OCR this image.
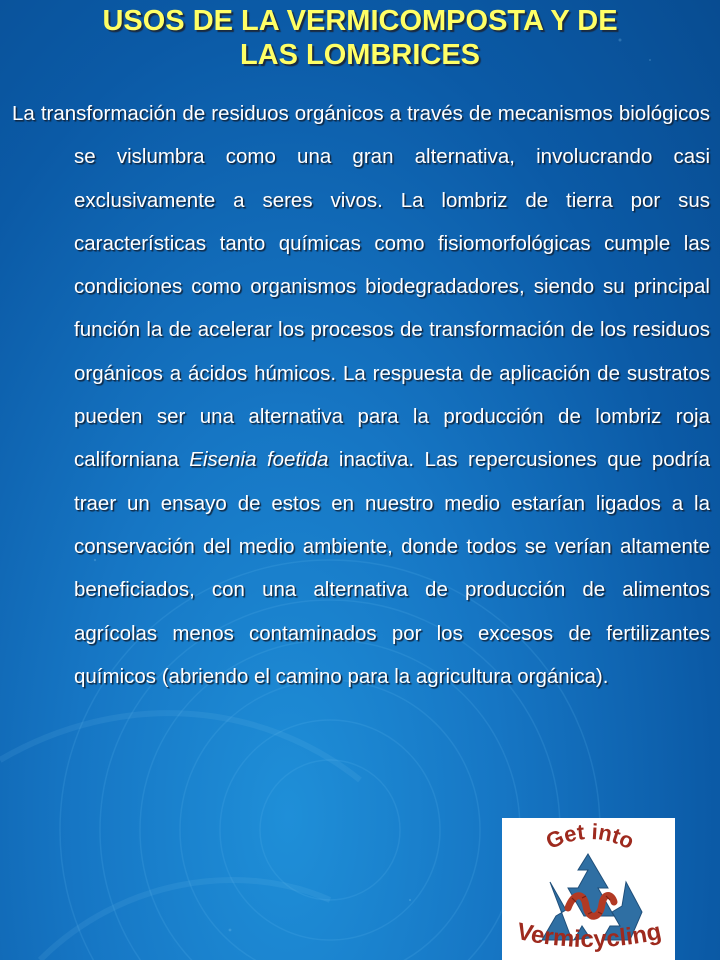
USOS DE LA VERMICOMPOSTA Y DE
LAS LOMBRICES

La transformación de residuos orgánicos a través de mecanismos biológicos se vislumbra como una gran alternativa, involucrando casi exclusivamente a seres vivos. La lombriz de tierra por sus características tanto químicas como fisiomorfológicas cumple las condiciones como organismos biodegradadores, siendo su principal función la de acelerar los procesos de transformación de los residuos orgánicos a ácidos húmicos. La respuesta de aplicación de sustratos pueden ser una alternativa para la producción de lombriz roja californiana Eisenia foetida inactiva. Las repercusiones que podría traer un ensayo de estos en nuestro medio estarían ligados a la conservación del medio ambiente, donde todos se verían altamente beneficiados, con una alternativa de producción de alimentos agrícolas menos contaminados por los excesos de fertilizantes químicos (abriendo el camino para la agricultura orgánica).

Get into
Vermicycling
